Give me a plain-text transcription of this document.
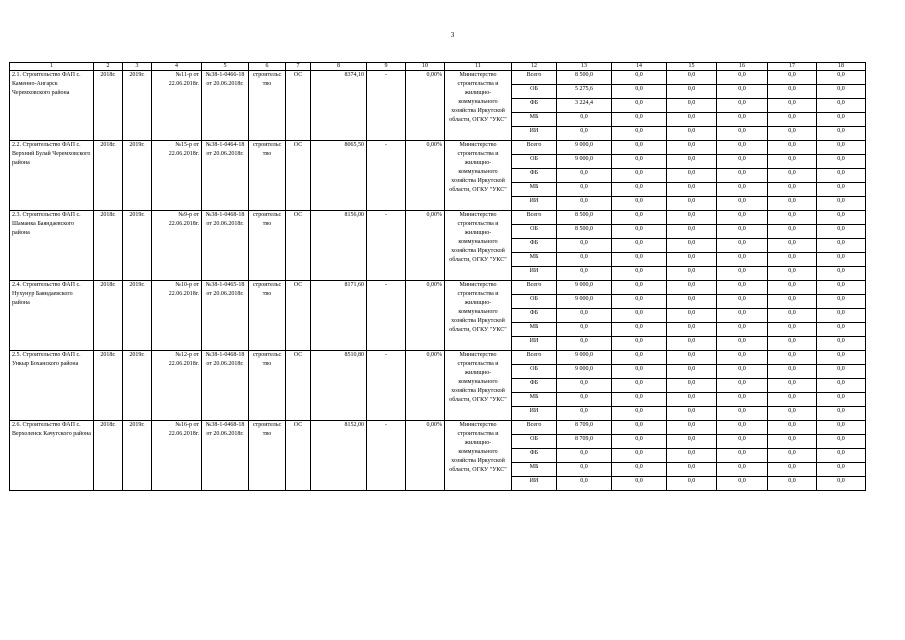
3
1	2	3	4	5	6	7	8	9	10	11	12	13	14	15	16	17	18
2.1. Строительство ФАП с. Каменно-Ангарск Черемховского района	2018г.	2019г.	№11-р от 22.06.2018г.	№38-1-0466-18 от 20.06.2018г.	строительс тво	ОС	8374,10	-	0,00%	Министерство строительства и жилищно-коммунального хозяйства Иркутской области, ОГКУ "УКС"	Всего	8 500,0	0,0	0,0	0,0	0,0	0,0
											ОБ	5 275,6	0,0	0,0	0,0	0,0	0,0
											ФБ	3 224,4	0,0	0,0	0,0	0,0	0,0
											МБ	0,0	0,0	0,0	0,0	0,0	0,0
											ИИ	0,0	0,0	0,0	0,0	0,0	0,0
2.2. Строительство ФАП с. Верхний Булай Черемховского района	2018г.	2019г.	№15-р от 22.06.2018г.	№38-1-0464-18 от 20.06.2018г.	строительс тво	ОС	8065,50	-	0,00%	Министерство строительства и жилищно-коммунального хозяйства Иркутской области, ОГКУ "УКС"	Всего	9 000,0	0,0	0,0	0,0	0,0	0,0
											ОБ	9 000,0	0,0	0,0	0,0	0,0	0,0
											ФБ	0,0	0,0	0,0	0,0	0,0	0,0
											МБ	0,0	0,0	0,0	0,0	0,0	0,0
											ИИ	0,0	0,0	0,0	0,0	0,0	0,0
2.3. Строительство ФАП с. Шаманка Баяндаевского района	2018г.	2019г.	№9-р от 22.06.2018г.	№38-1-0468-18 от 20.06.2018г.	строительс тво	ОС	8156,00	-	0,00%	Министерство строительства и жилищно-коммунального хозяйства Иркутской области, ОГКУ "УКС"	Всего	8 500,0	0,0	0,0	0,0	0,0	0,0
											ОБ	8 500,0	0,0	0,0	0,0	0,0	0,0
											ФБ	0,0	0,0	0,0	0,0	0,0	0,0
											МБ	0,0	0,0	0,0	0,0	0,0	0,0
											ИИ	0,0	0,0	0,0	0,0	0,0	0,0
2.4. Строительство ФАП с. Нухунур Баяндаевского района	2018г.	2019г.	№10-р от 22.06.2018г.	№38-1-0465-18 от 20.06.2018г.	строительс тво	ОС	8171,60	-	0,00%	Министерство строительства и жилищно-коммунального хозяйства Иркутской области, ОГКУ "УКС"	Всего	9 000,0	0,0	0,0	0,0	0,0	0,0
											ОБ	9 000,0	0,0	0,0	0,0	0,0	0,0
											ФБ	0,0	0,0	0,0	0,0	0,0	0,0
											МБ	0,0	0,0	0,0	0,0	0,0	0,0
											ИИ	0,0	0,0	0,0	0,0	0,0	0,0
2.5. Строительство ФАП с. Ункыр Боханского района	2018г.	2019г.	№12-р от 22.06.2018г.	№38-1-0468-18 от 20.06.2018г.	строительс тво	ОС	8510,80	-	0,00%	Министерство строительства и жилищно-коммунального хозяйства Иркутской области, ОГКУ "УКС"	Всего	9 000,0	0,0	0,0	0,0	0,0	0,0
											ОБ	9 000,0	0,0	0,0	0,0	0,0	0,0
											ФБ	0,0	0,0	0,0	0,0	0,0	0,0
											МБ	0,0	0,0	0,0	0,0	0,0	0,0
											ИИ	0,0	0,0	0,0	0,0	0,0	0,0
2.6. Строительство ФАП с. Верхоленск Качугского района	2018г.	2019г.	№16-р от 22.06.2018г.	№38-1-0468-18 от 20.06.2018г.	строительс тво	ОС	8152,00	-	0,00%	Министерство строительства и жилищно-коммунального хозяйства Иркутской области, ОГКУ "УКС"	Всего	8 709,0	0,0	0,0	0,0	0,0	0,0
											ОБ	8 709,0	0,0	0,0	0,0	0,0	0,0
											ФБ	0,0	0,0	0,0	0,0	0,0	0,0
											МБ	0,0	0,0	0,0	0,0	0,0	0,0
											ИИ	0,0	0,0	0,0	0,0	0,0	0,0
